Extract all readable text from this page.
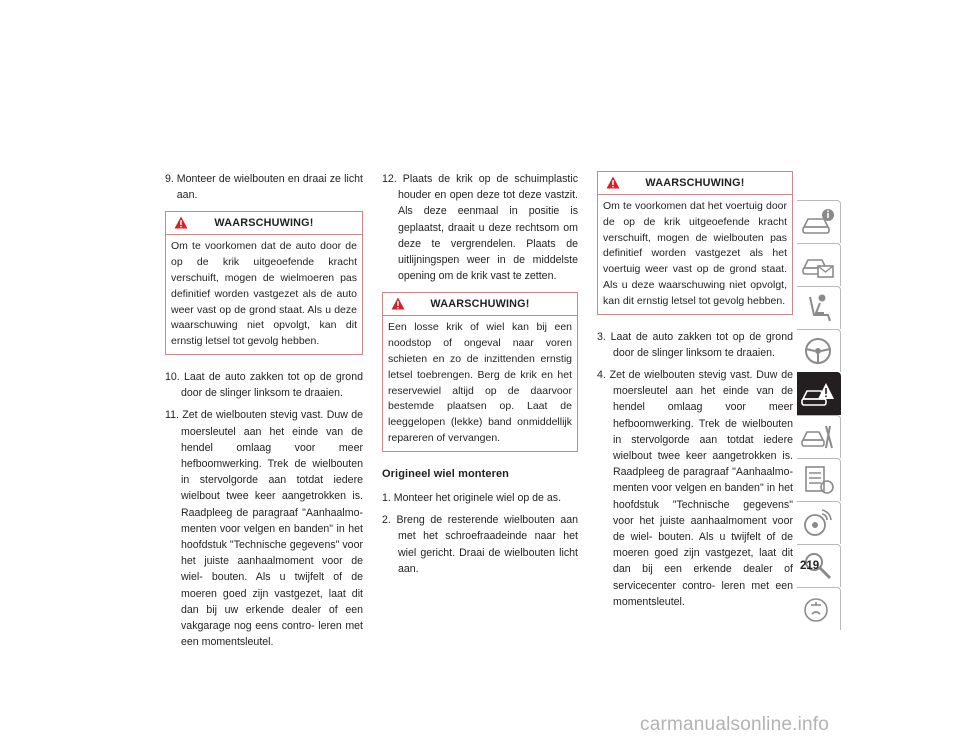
9. Monteer de wielbouten en draai ze licht aan.
WAARSCHUWING!
Om te voorkomen dat de auto door de op de krik uitgeoefende kracht verschuift, mogen de wielmoeren pas definitief worden vastgezet als de auto weer vast op de grond staat. Als u deze waarschuwing niet opvolgt, kan dit ernstig letsel tot gevolg hebben.

10. Laat de auto zakken tot op de grond door de slinger linksom te draaien.

11. Zet de wielbouten stevig vast. Duw de moersleutel aan het einde van de hendel omlaag voor meer hefboomwerking. Trek de wielbouten in stervolgorde aan totdat iedere wielbout twee keer aangetrokken is. Raadpleeg de paragraaf "Aanhaalmo- menten voor velgen en banden" in het hoofdstuk "Technische gegevens" voor het juiste aanhaalmoment voor de wiel- bouten. Als u twijfelt of de moeren goed zijn vastgezet, laat dit dan bij uw erkende dealer of een vakgarage nog eens contro- leren met een momentsleutel.

12. Plaats de krik op de schuimplastic houder en open deze tot deze vastzit. Als deze eenmaal in positie is geplaatst, draait u deze rechtsom om deze te vergrendelen. Plaats de uitlijningspen weer in de middelste opening om de krik vast te zetten.

WAARSCHUWING!
Een losse krik of wiel kan bij een noodstop of ongeval naar voren schieten en zo de inzittenden ernstig letsel toebrengen. Berg de krik en het reservewiel altijd op de daarvoor bestemde plaatsen op. Laat de leeggelopen (lekke) band onmiddellijk repareren of vervangen.
Origineel wiel monteren
1. Monteer het originele wiel op de as.

2. Breng de resterende wielbouten aan met het schroefraadeinde naar het wiel gericht. Draai de wielbouten licht aan.

WAARSCHUWING!
Om te voorkomen dat het voertuig door de op de krik uitgeoefende kracht verschuift, mogen de wielbouten pas definitief worden vastgezet als het voertuig weer vast op de grond staat. Als u deze waarschuwing niet opvolgt, kan dit ernstig letsel tot gevolg hebben.

3. Laat de auto zakken tot op de grond door de slinger linksom te draaien.

4. Zet de wielbouten stevig vast. Duw de moersleutel aan het einde van de hendel omlaag voor meer hefboomwerking. Trek de wielbouten in stervolgorde aan totdat iedere wielbout twee keer aangetrokken is. Raadpleeg de paragraaf "Aanhaalmo- menten voor velgen en banden" in het hoofdstuk "Technische gegevens" voor het juiste aanhaalmoment voor de wiel- bouten. Als u twijfelt of de moeren goed zijn vastgezet, laat dit dan bij een erkende dealer of servicecenter contro- leren met een momentsleutel.

219
carmanualsonline.info
